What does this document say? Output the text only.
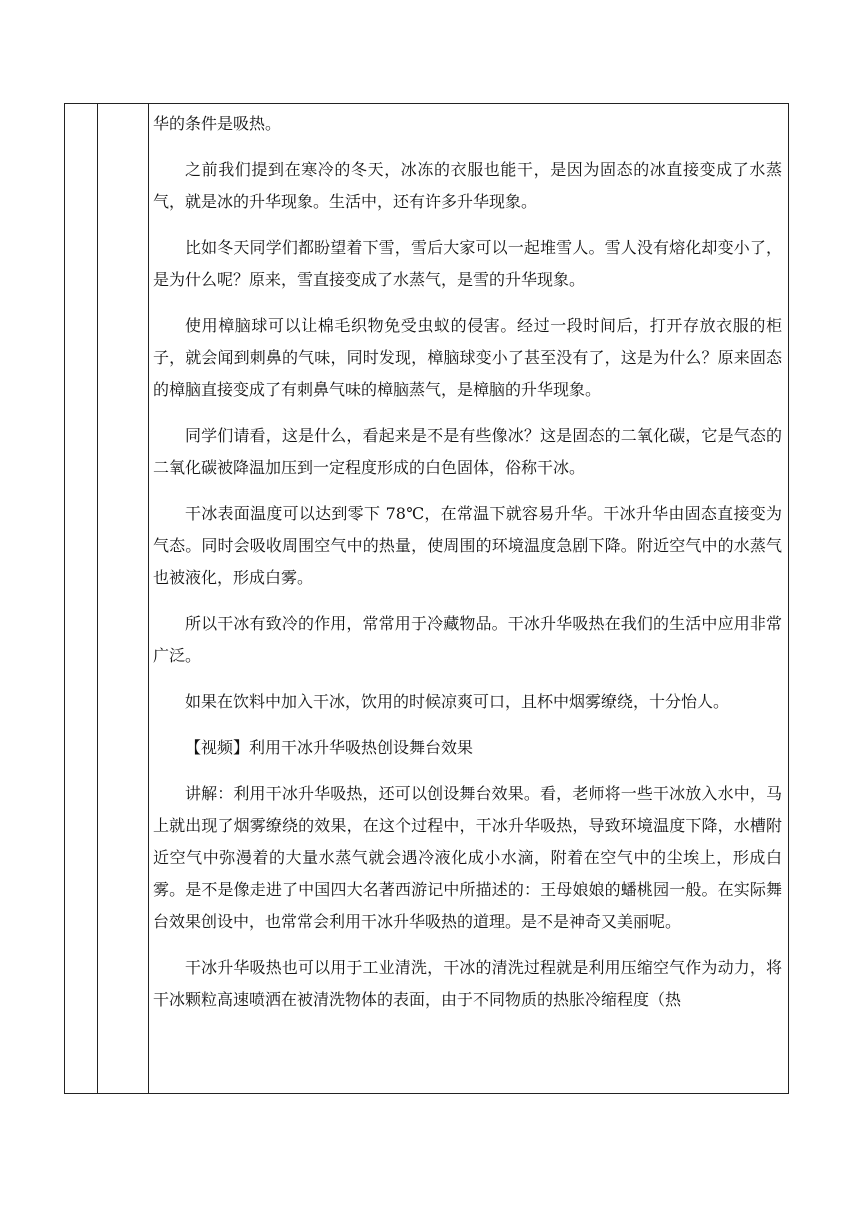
华的条件是吸热。

之前我们提到在寒冷的冬天，冰冻的衣服也能干，是因为固态的冰直接变成了水蒸气，就是冰的升华现象。生活中，还有许多升华现象。

比如冬天同学们都盼望着下雪，雪后大家可以一起堆雪人。雪人没有熔化却变小了，是为什么呢？原来，雪直接变成了水蒸气，是雪的升华现象。

使用樟脑球可以让棉毛织物免受虫蚁的侵害。经过一段时间后，打开存放衣服的柜子，就会闻到刺鼻的气味，同时发现，樟脑球变小了甚至没有了，这是为什么？原来固态的樟脑直接变成了有刺鼻气味的樟脑蒸气，是樟脑的升华现象。

同学们请看，这是什么，看起来是不是有些像冰？这是固态的二氧化碳，它是气态的二氧化碳被降温加压到一定程度形成的白色固体，俗称干冰。

干冰表面温度可以达到零下 78℃，在常温下就容易升华。干冰升华由固态直接变为气态。同时会吸收周围空气中的热量，使周围的环境温度急剧下降。附近空气中的水蒸气也被液化，形成白雾。

所以干冰有致冷的作用，常常用于冷藏物品。干冰升华吸热在我们的生活中应用非常广泛。

如果在饮料中加入干冰，饮用的时候凉爽可口，且杯中烟雾缭绕，十分怡人。

【视频】利用干冰升华吸热创设舞台效果

讲解：利用干冰升华吸热，还可以创设舞台效果。看，老师将一些干冰放入水中，马上就出现了烟雾缭绕的效果，在这个过程中，干冰升华吸热，导致环境温度下降，水槽附近空气中弥漫着的大量水蒸气就会遇冷液化成小水滴，附着在空气中的尘埃上，形成白雾。是不是像走进了中国四大名著西游记中所描述的：王母娘娘的蟠桃园一般。在实际舞台效果创设中，也常常会利用干冰升华吸热的道理。是不是神奇又美丽呢。

干冰升华吸热也可以用于工业清洗，干冰的清洗过程就是利用压缩空气作为动力，将干冰颗粒高速喷洒在被清洗物体的表面，由于不同物质的热胀冷缩程度（热
